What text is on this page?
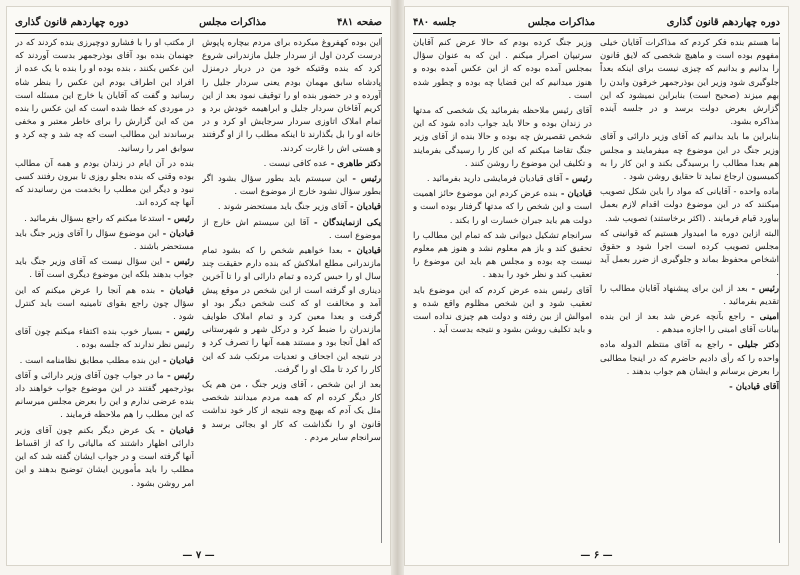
صفحه ۴۸۱
مذاکرات مجلس
دوره چهاردهم قانون گذاری

این بوده کهفروغ میکرده برای مردم بیچاره پاپوش درست کردن اول از سردار جلیل مازندرانی شروع کرد که بنده وقتیکه خود من در دربار درمنزل پادشاه سابق مهمان بودم یعنی سردار جلیل را آورده و در حضور بنده او را توقیف نمود بعد از این کریم آقاخان سردار جلیل و ابراهیمه خودش برد و تمام املاک اتاوزی سردار سرجایش او کرد و در خانه او را بل بگذارند تا اینکه مطلب را از او گرفتند و هستی اش را غارت کردند.

دکتر طاهری - عده کافی نیست .

رئیس - این سیستم باید بطور سؤال بشود اگر بطور سؤال نشود خارج از موضوع است .

قیادیان - آقای وزیر جنگ باید مستحضر شوند .

یکی ازنمایندگان - آقا این سیستم اش خارج از موضوع است .

قیادیان - بعدا خواهیم شخص را که بشود تمام مازندرانی مطلع املاکش که بنده دارم حقیقت چند سال او را حبس کرده و تمام دارائی او را تا آخرین دیناری او گرفته است از این شخص در موقع پیش آمد و مخالفت او که کنت شخص دیگر بود او گرفت و بعدا معین کرد و تمام املاک طوایف مازندران را ضبط کرد و درکل شهر و شهرستانی که اهل آنجا بود و مستند همه آنها را تصرف کرد و در نتیجه این اجحاف و تعدیات مرتکب شد که این کار را کرد تا ملک او را گرفت.

بعد از این شخص ، آقای وزیر جنگ ، من هم یک کار دیگر کرده ام که همه مردم میدانند شخصی مثل یک آدم که بهیچ وجه نتیجه از کار خود نداشت قانون او را نگذاشت که کار او بجائی برسد و سرانجام سایر مردم .

از مکتب او را با فشارو دوچیرزی بنده کردند که در جهنمان بنده بود آقای بوذرجمهر بدست آوردند که این عکس بکنند ، بنده بوده او را بنده با یک عده از افراد این اطراف بودم این عکس را بنظر شاه رسانید و گفت که آقایان یا خارج این مسئله است در موردی که خطا شده است که این عکس را بنده من که این گزارش را برای خاطر معتبر و مخفی برساندند این مطالب است که چه شد و چه کرد و سوابق امر را رسانید.

بنده در آن ایام در زندان بودم و همه آن مطالب بوده وقتی که بنده بجلو روزی تا بیرون رفتند کسی نبود و دیگر این مطلب را بخدمت من رسانیدند که آنها چه کرده اند.

رئیس - استدعا میکنم که راجع بسؤال بفرمائید .

قیادیان - این موضوع سؤال را آقای وزیر جنگ باید مستحضر باشند .

رئیس - این سؤال نیست که آقای وزیر جنگ باید جواب بدهند بلکه این موضوع دیگری است آقا .

قیادیان - بنده هم آنجا را عرض میکنم که این سؤال چون راجع بقوای تامینیه است باید کنترل شود .

رئیس - بسیار خوب بنده اکتفاء میکنم چون آقای رئیس نظر ندارند که جلسه بوده .

قیادیان - این بنده مطلب مطابق نظامنامه است .

رئیس - ما در جواب چون آقای وزیر دارائی و آقای بوذرجمهر گفتند در این موضوع جواب خواهند داد بنده عرضی ندارم و این را بعرض مجلس میرسانم که این مطلب را هم ملاحظه فرمایند .

قیادیان - یک عرض دیگر بکنم چون آقای وزیر دارائی اظهار داشتند که مالیاتی را که از اقساط آنها گرفته است و در جواب ایشان گفته شد که این مطلب را باید مأمورین ایشان توضیح بدهند و این امر روشن بشود .

— ۷ —
دوره چهاردهم قانون گذاری
مذاکرات مجلس
جلسه ۴۸۰

ما هستم بنده فکر کردم که مذاکرات آقایان خیلی مفهوم بوده است و ماهیچ شخصی که لایق قانون را بدانیم و بدانیم که چیزی نیست برای اینکه بعداً جلوگیری شود وزیر این بوذرجمهر خرقون وابدن را بهم میزند (صحیح است) بنابراین نمیشود که این گزارش بعرض دولت برسد و در جلسه آینده مذاکره بشود.

بنابراین ما باید بدانیم که آقای وزیر دارائی و آقای وزیر جنگ در این موضوع چه میفرمایند و مجلس هم بعدا مطالب را برسیدگی بکند و این کار را به کمیسیون ارجاع نماید تا حقایق روشن شود .

ماده واحده - آقایانی که مواد را باین شکل تصویب میکنند که در این موضوع دولت اقدام لازم بعمل بیاورد قیام فرمایند . (اکثر برخاستند) تصویب شد.

البته ازاین دوره ما امیدوار هستیم که قوانینی که مجلس تصویب کرده است اجرا شود و حقوق اشخاص محفوظ بماند و جلوگیری از ضرر بعمل آید .

رئیس - بعد از این برای پیشنهاد آقایان مطالب را تقدیم بفرمائید .

امینی - راجع بآنچه عرض شد بعد از این بنده بیانات آقای امینی را اجازه میدهم .

دکتر جلیلی - راجع به آقای منتظم الدوله ماده واحده را که رأی دادیم حاضرم که در اینجا مطالبی را بعرض برسانم و ایشان هم جواب بدهند .

آقای قیادیان -

وزیر جنگ کرده بودم که حالا عرض کنم آقایان سرتیپان اصرار میکنم . این که به عنوان سؤال بمجلس آمده بوده که از این عکس آمده بوده و هنوز میدانیم که این قضایا چه بوده و چطور شده است .

آقای رئیس ملاحظه بفرمائید یک شخصی که مدتها در زندان بوده و حالا باید جواب داده شود که این شخص تقصیرش چه بوده و حالا بنده از آقای وزیر جنگ تقاضا میکنم که این کار را رسیدگی بفرمایند و تکلیف این موضوع را روشن کنند .

رئیس - آقای قیادیان فرمایشی دارید بفرمائید .

قیادیان - بنده عرض کردم این موضوع حائز اهمیت است و این شخص را که مدتها گرفتار بوده است و دولت هم باید جبران خسارت او را بکند .

سرانجام تشکیل دیوانی شد که تمام این مطالب را تحقیق کند و باز هم معلوم نشد و هنوز هم معلوم نیست چه بوده و مجلس هم باید این موضوع را تعقیب کند و نظر خود را بدهد .

آقای رئیس بنده عرض کردم که این موضوع باید تعقیب شود و این شخص مظلوم واقع شده و اموالش از بین رفته و دولت هم چیزی نداده است و باید تکلیف روشن بشود و نتیجه بدست آید .

— ۶ —
